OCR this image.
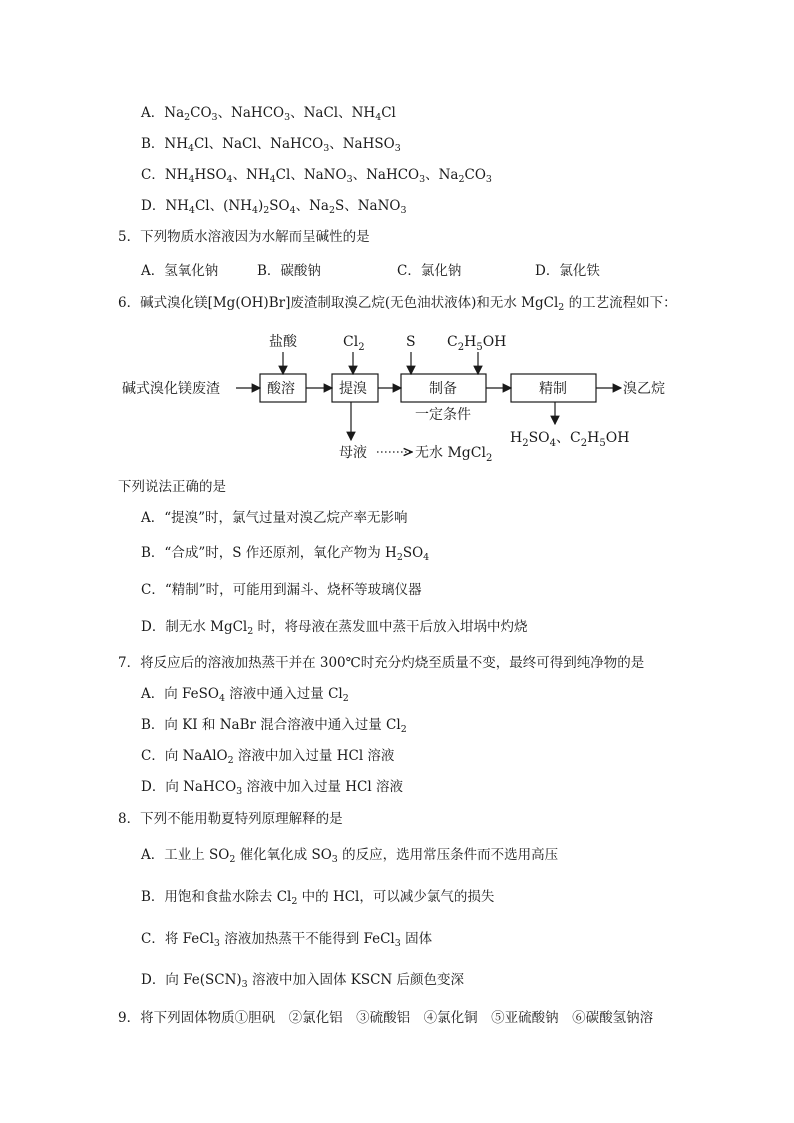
A．$Na_2CO_3$、NaHCO$_3$、NaCl、$NH_4Cl$
B．$NH_4Cl$、NaCl、NaHCO$_3$、NaHSO$_3$
C．$NH_4HSO_4$、$NH_4Cl$、NaNO$_3$、NaHCO$_3$、$Na_2CO_3$
D．$NH_4Cl$、$(NH_4)_2SO_4$、$Na_2S$、NaNO$_3$
5．下列物质水溶液因为水解而呈碱性的是
A．氢氧化钠	B．碳酸钠	C．氯化钠	D．氯化铁
6．碱式溴化镁[Mg(OH)Br]废渣制取溴乙烷(无色油状液体)和无水 MgCl$_2$ 的工艺流程如下：
碱式溴化镁废渣	酸溶	提溴	制备	精制	溴乙烷
盐酸	$Cl_2$	S $C_2H_5OH$
一定条件
$H_2SO_4$、$C_2H_5OH$
母液	无水 MgCl$_2$
下列说法正确的是
A．“提溴”时，氯气过量对溴乙烷产率无影响
B．“合成”时，S 作还原剂，氧化产物为 $H_2SO_4$
C．“精制”时，可能用到漏斗、烧杯等玻璃仪器
D．制无水 MgCl$_2$ 时，将母液在蒸发皿中蒸干后放入坩埚中灼烧
7．将反应后的溶液加热蒸干并在 300℃时充分灼烧至质量不变，最终可得到纯净物的是
A．向 FeSO$_4$ 溶液中通入过量 $Cl_2$
B．向 KI 和 NaBr 混合溶液中通入过量 $Cl_2$
C．向 NaAlO$_2$ 溶液中加入过量 HCl 溶液
D．向 NaHCO$_3$ 溶液中加入过量 HCl 溶液
8．下列不能用勒夏特列原理解释的是
A．工业上 $SO_2$ 催化氧化成 $SO_3$ 的反应，选用常压条件而不选用高压
B．用饱和食盐水除去 $Cl_2$ 中的 HCl，可以减少氯气的损失
C．将 FeCl$_3$ 溶液加热蒸干不能得到 FeCl$_3$ 固体
D．向 $Fe(SCN)_3$ 溶液中加入固体 KSCN 后颜色变深
9．将下列固体物质①胆矾　②氯化铝　③硫酸铝　④氯化铜　⑤亚硫酸钠　⑥碳酸氢钠溶
